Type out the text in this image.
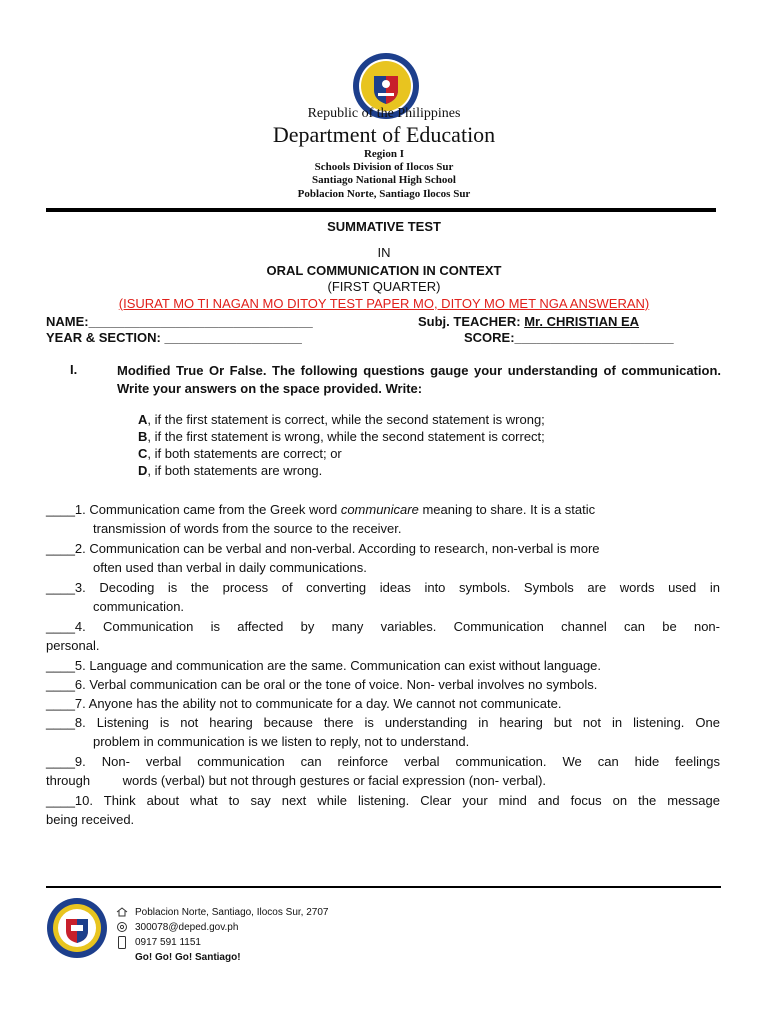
Republic of the Philippines
Department of Education
Region I
Schools Division of Ilocos Sur
Santiago National High School
Poblacion Norte, Santiago Ilocos Sur
SUMMATIVE TEST
IN
ORAL COMMUNICATION IN CONTEXT
(FIRST QUARTER)
(ISURAT MO TI NAGAN MO DITOY TEST PAPER MO, DITOY MO MET NGA ANSWERAN)
NAME:_______________________________	Subj. TEACHER: Mr. CHRISTIAN EA
YEAR & SECTION: ___________________	SCORE:______________________
I.	Modified True Or False. The following questions gauge your understanding of communication. Write your answers on the space provided. Write:
A, if the first statement is correct, while the second statement is wrong;
B, if the first statement is wrong, while the second statement is correct;
C, if both statements are correct; or
D, if both statements are wrong.
____1. Communication came from the Greek word communicare meaning to share. It is a static
transmission of words from the source to the receiver.
____2. Communication can be verbal and non-verbal. According to research, non-verbal is more
often used than verbal in daily communications.
____3. Decoding is the process of converting ideas into symbols. Symbols are words used in
communication.
____4. Communication is affected by many variables. Communication channel can be non-
personal.
____5. Language and communication are the same. Communication can exist without language.
____6. Verbal communication can be oral or the tone of voice. Non- verbal involves no symbols.
____7. Anyone has the ability not to communicate for a day. We cannot not communicate.
____8. Listening is not hearing because there is understanding in hearing but not in listening. One
problem in communication is we listen to reply, not to understand.
____9. Non- verbal communication can reinforce verbal communication. We can hide feelings
through         words (verbal) but not through gestures or facial expression (non- verbal).
____10. Think about what to say next while listening. Clear your mind and focus on the message
being received.
Poblacion Norte, Santiago, Ilocos Sur, 2707
300078@deped.gov.ph
0917 591 1151
Go! Go! Go! Santiago!
